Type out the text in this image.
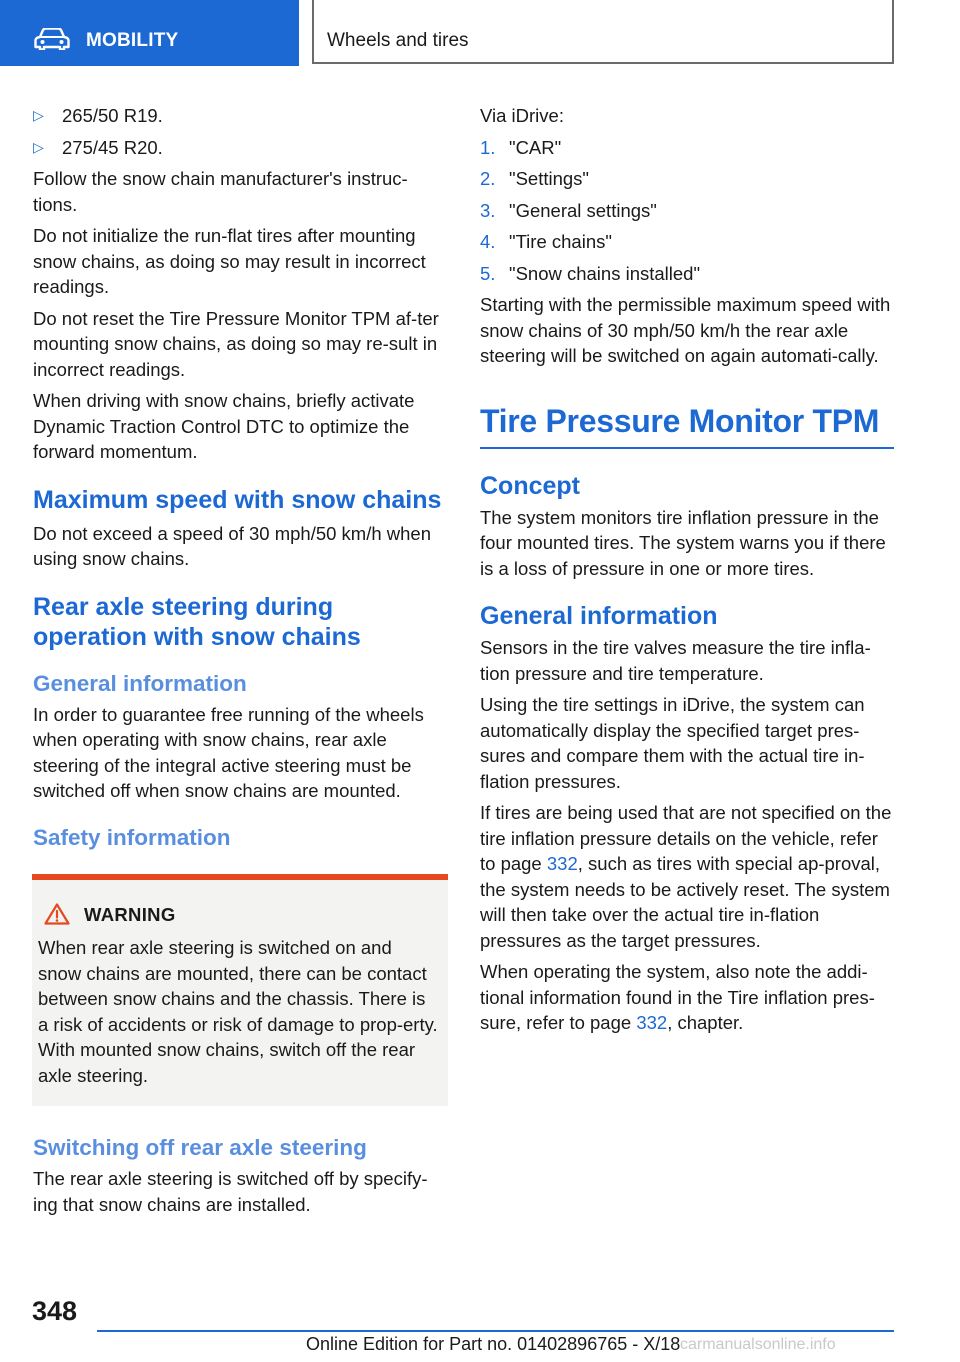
MOBILITY	Wheels and tires
▷ 265/50 R19.
▷ 275/45 R20.

Follow the snow chain manufacturer's instruc‐tions.

Do not initialize the run-flat tires after mounting snow chains, as doing so may result in incorrect readings.

Do not reset the Tire Pressure Monitor TPM af‐ter mounting snow chains, as doing so may re‐sult in incorrect readings.

When driving with snow chains, briefly activate Dynamic Traction Control DTC to optimize the forward momentum.

Maximum speed with snow chains

Do not exceed a speed of 30 mph/50 km/h when using snow chains.

Rear axle steering during operation with snow chains
General information

In order to guarantee free running of the wheels when operating with snow chains, rear axle steering of the integral active steering must be switched off when snow chains are mounted.

Safety information
WARNING

When rear axle steering is switched on and snow chains are mounted, there can be contact between snow chains and the chassis. There is a risk of accidents or risk of damage to prop‐erty. With mounted snow chains, switch off the rear axle steering.

Switching off rear axle steering

The rear axle steering is switched off by specify‐ing that snow chains are installed.

Via iDrive:

1. "CAR"
2. "Settings"
3. "General settings"
4. "Tire chains"
5. "Snow chains installed"

Starting with the permissible maximum speed with snow chains of 30 mph/50 km/h the rear axle steering will be switched on again automati‐cally.

Tire Pressure Monitor TPM
Concept

The system monitors tire inflation pressure in the four mounted tires. The system warns you if there is a loss of pressure in one or more tires.

General information

Sensors in the tire valves measure the tire infla‐tion pressure and tire temperature.

Using the tire settings in iDrive, the system can automatically display the specified target pres‐sures and compare them with the actual tire in‐flation pressures.

If tires are being used that are not specified on the tire inflation pressure details on the vehicle, refer to page 332, such as tires with special ap‐proval, the system needs to be actively reset. The system will then take over the actual tire in‐flation pressures as the target pressures.

When operating the system, also note the addi‐tional information found in the Tire inflation pres‐sure, refer to page 332, chapter.

348
Online Edition for Part no. 01402896765 - X/18 carmanualsonline.info
